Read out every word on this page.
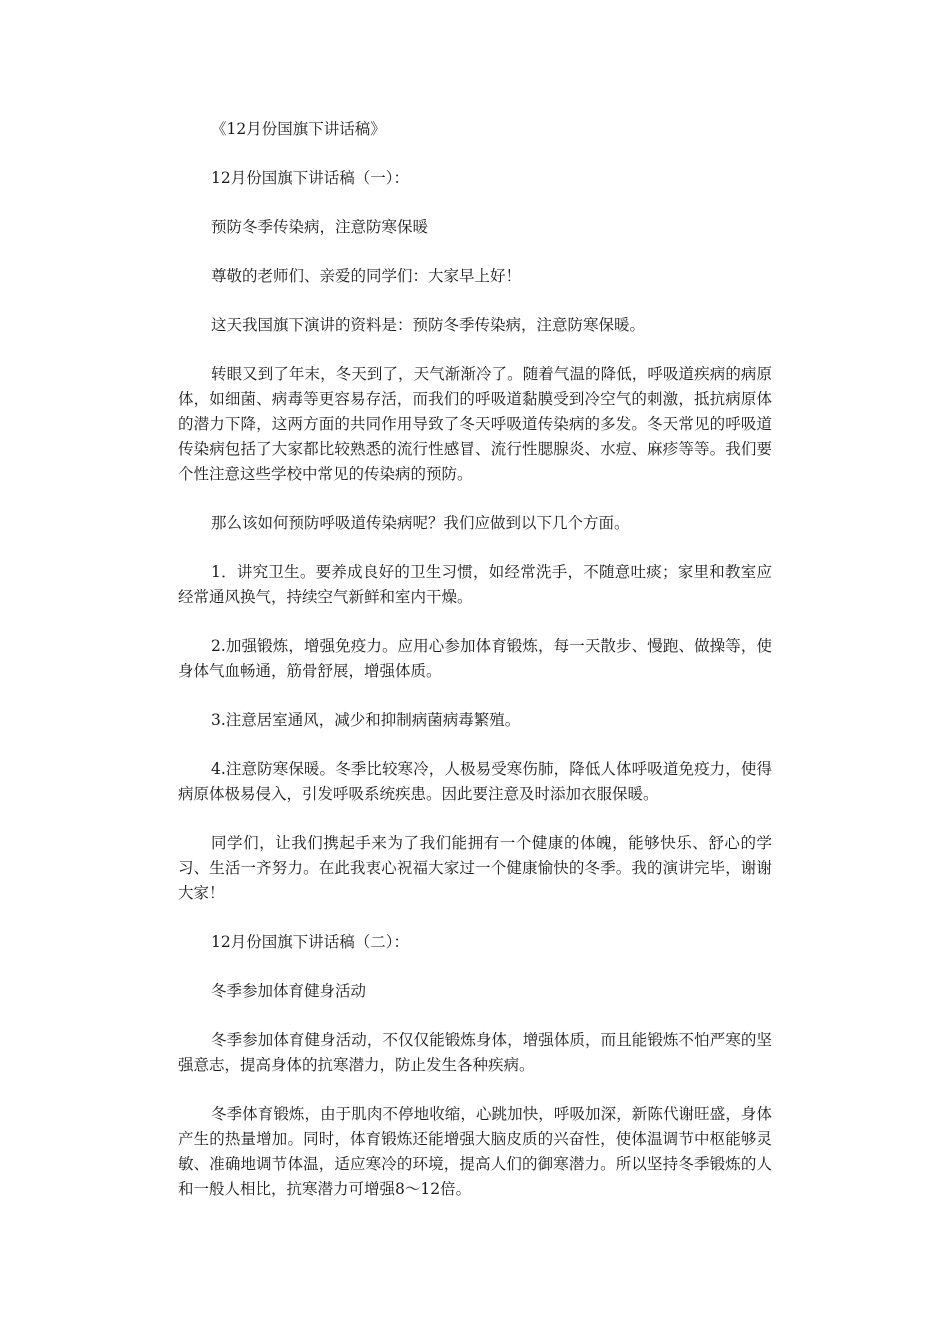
《12月份国旗下讲话稿》

12月份国旗下讲话稿（一）：

预防冬季传染病，注意防寒保暖

尊敬的老师们、亲爱的同学们：大家早上好！

这天我国旗下演讲的资料是：预防冬季传染病，注意防寒保暖。

转眼又到了年末，冬天到了，天气渐渐冷了。随着气温的降低，呼吸道疾病的病原体，如细菌、病毒等更容易存活，而我们的呼吸道黏膜受到冷空气的刺激，抵抗病原体的潜力下降，这两方面的共同作用导致了冬天呼吸道传染病的多发。冬天常见的呼吸道传染病包括了大家都比较熟悉的流行性感冒、流行性腮腺炎、水痘、麻疹等等。我们要个性注意这些学校中常见的传染病的预防。

那么该如何预防呼吸道传染病呢？我们应做到以下几个方面。

1．讲究卫生。要养成良好的卫生习惯，如经常洗手，不随意吐痰；家里和教室应经常通风换气，持续空气新鲜和室内干燥。

2.加强锻炼，增强免疫力。应用心参加体育锻炼，每一天散步、慢跑、做操等，使身体气血畅通，筋骨舒展，增强体质。

3.注意居室通风，减少和抑制病菌病毒繁殖。

4.注意防寒保暖。冬季比较寒冷，人极易受寒伤肺，降低人体呼吸道免疫力，使得病原体极易侵入，引发呼吸系统疾患。因此要注意及时添加衣服保暖。

同学们，让我们携起手来为了我们能拥有一个健康的体魄，能够快乐、舒心的学习、生活一齐努力。在此我衷心祝福大家过一个健康愉快的冬季。我的演讲完毕，谢谢大家！

12月份国旗下讲话稿（二）：

冬季参加体育健身活动

冬季参加体育健身活动，不仅仅能锻炼身体，增强体质，而且能锻炼不怕严寒的坚强意志，提高身体的抗寒潜力，防止发生各种疾病。

冬季体育锻炼，由于肌肉不停地收缩，心跳加快，呼吸加深，新陈代谢旺盛，身体产生的热量增加。同时，体育锻炼还能增强大脑皮质的兴奋性，使体温调节中枢能够灵敏、准确地调节体温，适应寒冷的环境，提高人们的御寒潜力。所以坚持冬季锻炼的人和一般人相比，抗寒潜力可增强8～12倍。
